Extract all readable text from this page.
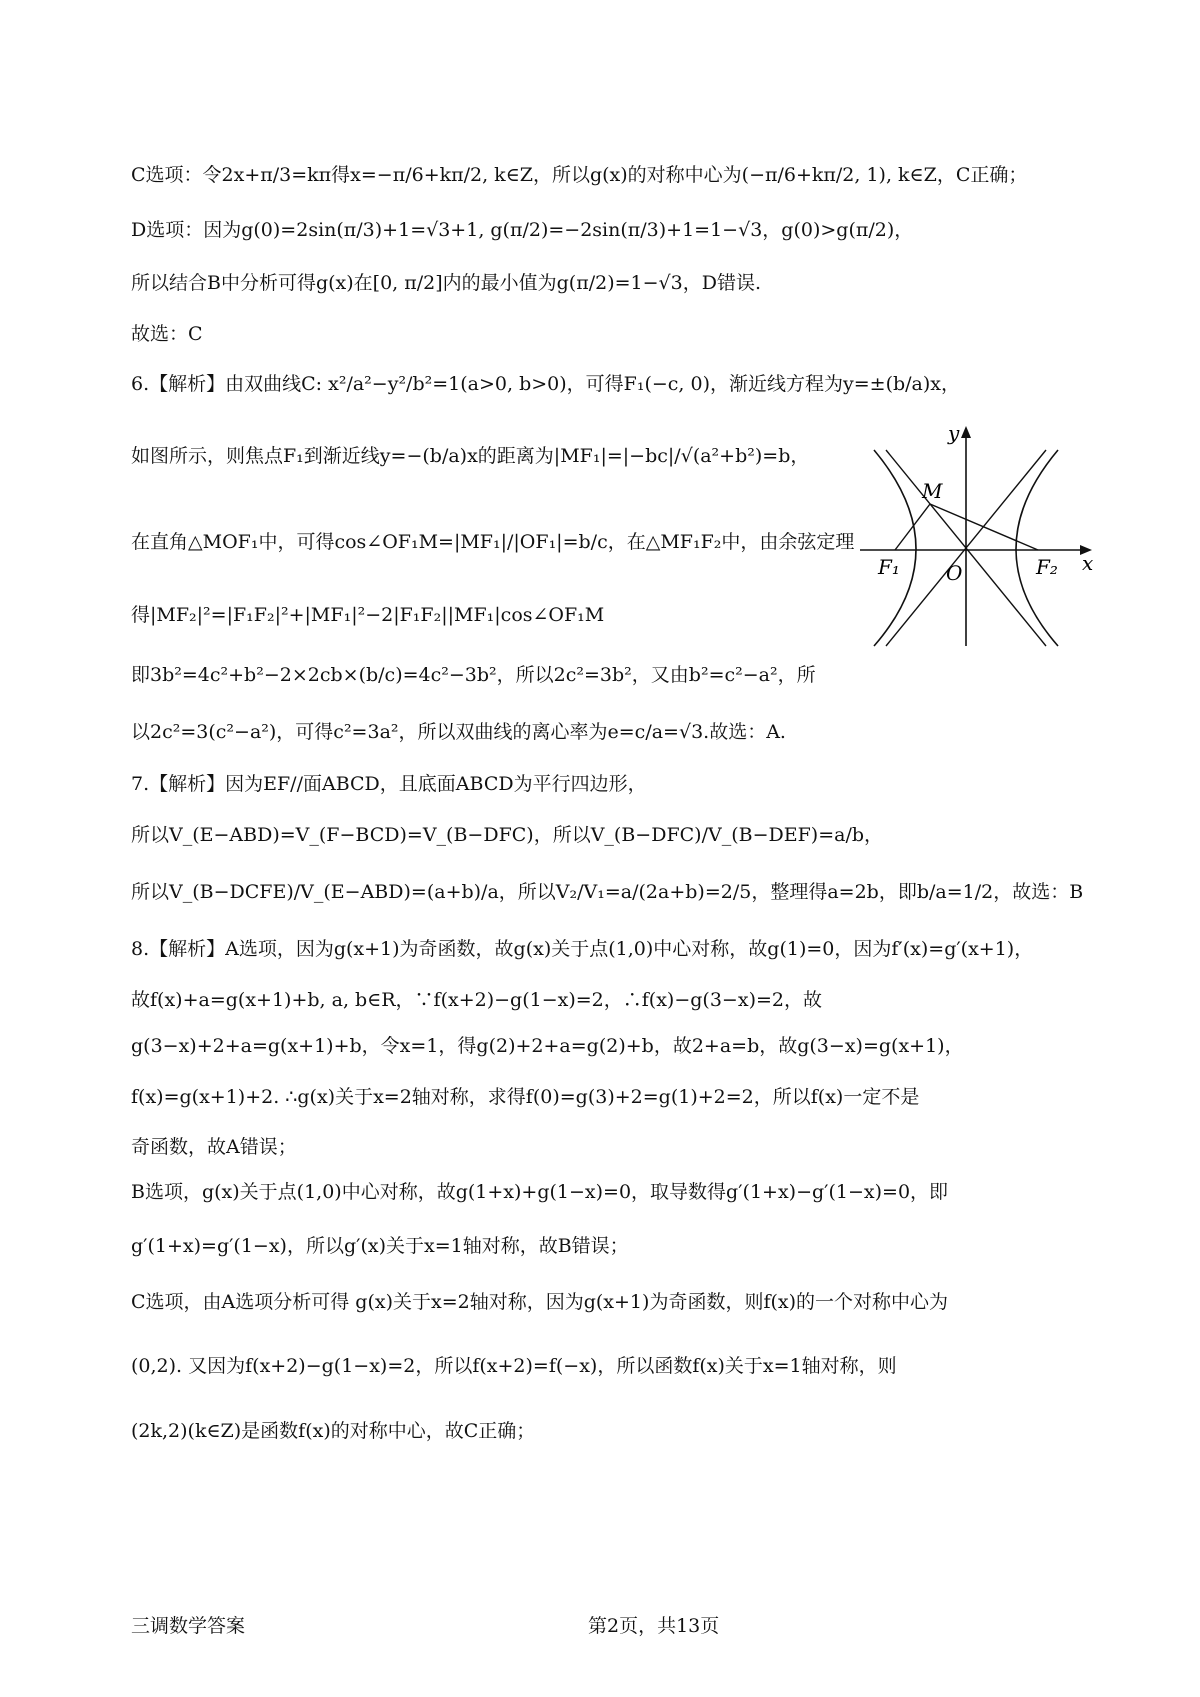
C选项：令2x+π/3=kπ得x=−π/6+kπ/2, k∈Z，所以g(x)的对称中心为(−π/6+kπ/2, 1), k∈Z，C正确；
D选项：因为g(0)=2sin(π/3)+1=√3+1, g(π/2)=−2sin(π/3)+1=1−√3，g(0)>g(π/2)，
所以结合B中分析可得g(x)在[0, π/2]内的最小值为g(π/2)=1−√3，D错误.
故选：C
6.【解析】由双曲线C: x²/a²−y²/b²=1(a>0, b>0)，可得F₁(−c, 0)，渐近线方程为y=±(b/a)x，
如图所示，则焦点F₁到渐近线y=−(b/a)x的距离为|MF₁|=|−bc|/√(a²+b²)=b，
在直角△MOF₁中，可得cos∠OF₁M=|MF₁|/|OF₁|=b/c，在△MF₁F₂中，由余弦定理
得|MF₂|²=|F₁F₂|²+|MF₁|²−2|F₁F₂||MF₁|cos∠OF₁M
即3b²=4c²+b²−2×2cb×(b/c)=4c²−3b²，所以2c²=3b²，又由b²=c²−a²，所
以2c²=3(c²−a²)，可得c²=3a²，所以双曲线的离心率为e=c/a=√3.故选：A.
7.【解析】因为EF//面ABCD，且底面ABCD为平行四边形，
所以V_(E−ABD)=V_(F−BCD)=V_(B−DFC)，所以V_(B−DFC)/V_(B−DEF)=a/b，
所以V_(B−DCFE)/V_(E−ABD)=(a+b)/a，所以V₂/V₁=a/(2a+b)=2/5，整理得a=2b，即b/a=1/2，故选：B
8.【解析】A选项，因为g(x+1)为奇函数，故g(x)关于点(1,0)中心对称，故g(1)=0，因为f′(x)=g′(x+1)，
故f(x)+a=g(x+1)+b, a, b∈R，∵f(x+2)−g(1−x)=2，∴f(x)−g(3−x)=2，故
g(3−x)+2+a=g(x+1)+b，令x=1，得g(2)+2+a=g(2)+b，故2+a=b，故g(3−x)=g(x+1)，
f(x)=g(x+1)+2. ∴g(x)关于x=2轴对称，求得f(0)=g(3)+2=g(1)+2=2，所以f(x)一定不是
奇函数，故A错误；
B选项，g(x)关于点(1,0)中心对称，故g(1+x)+g(1−x)=0，取导数得g′(1+x)−g′(1−x)=0，即
g′(1+x)=g′(1−x)，所以g′(x)关于x=1轴对称，故B错误；
C选项，由A选项分析可得 g(x)关于x=2轴对称，因为g(x+1)为奇函数，则f(x)的一个对称中心为
(0,2). 又因为f(x+2)−g(1−x)=2，所以f(x+2)=f(−x)，所以函数f(x)关于x=1轴对称，则
(2k,2)(k∈Z)是函数f(x)的对称中心，故C正确；
y
x
M
F₁ O	F₂
三调数学答案	第2页，共13页
